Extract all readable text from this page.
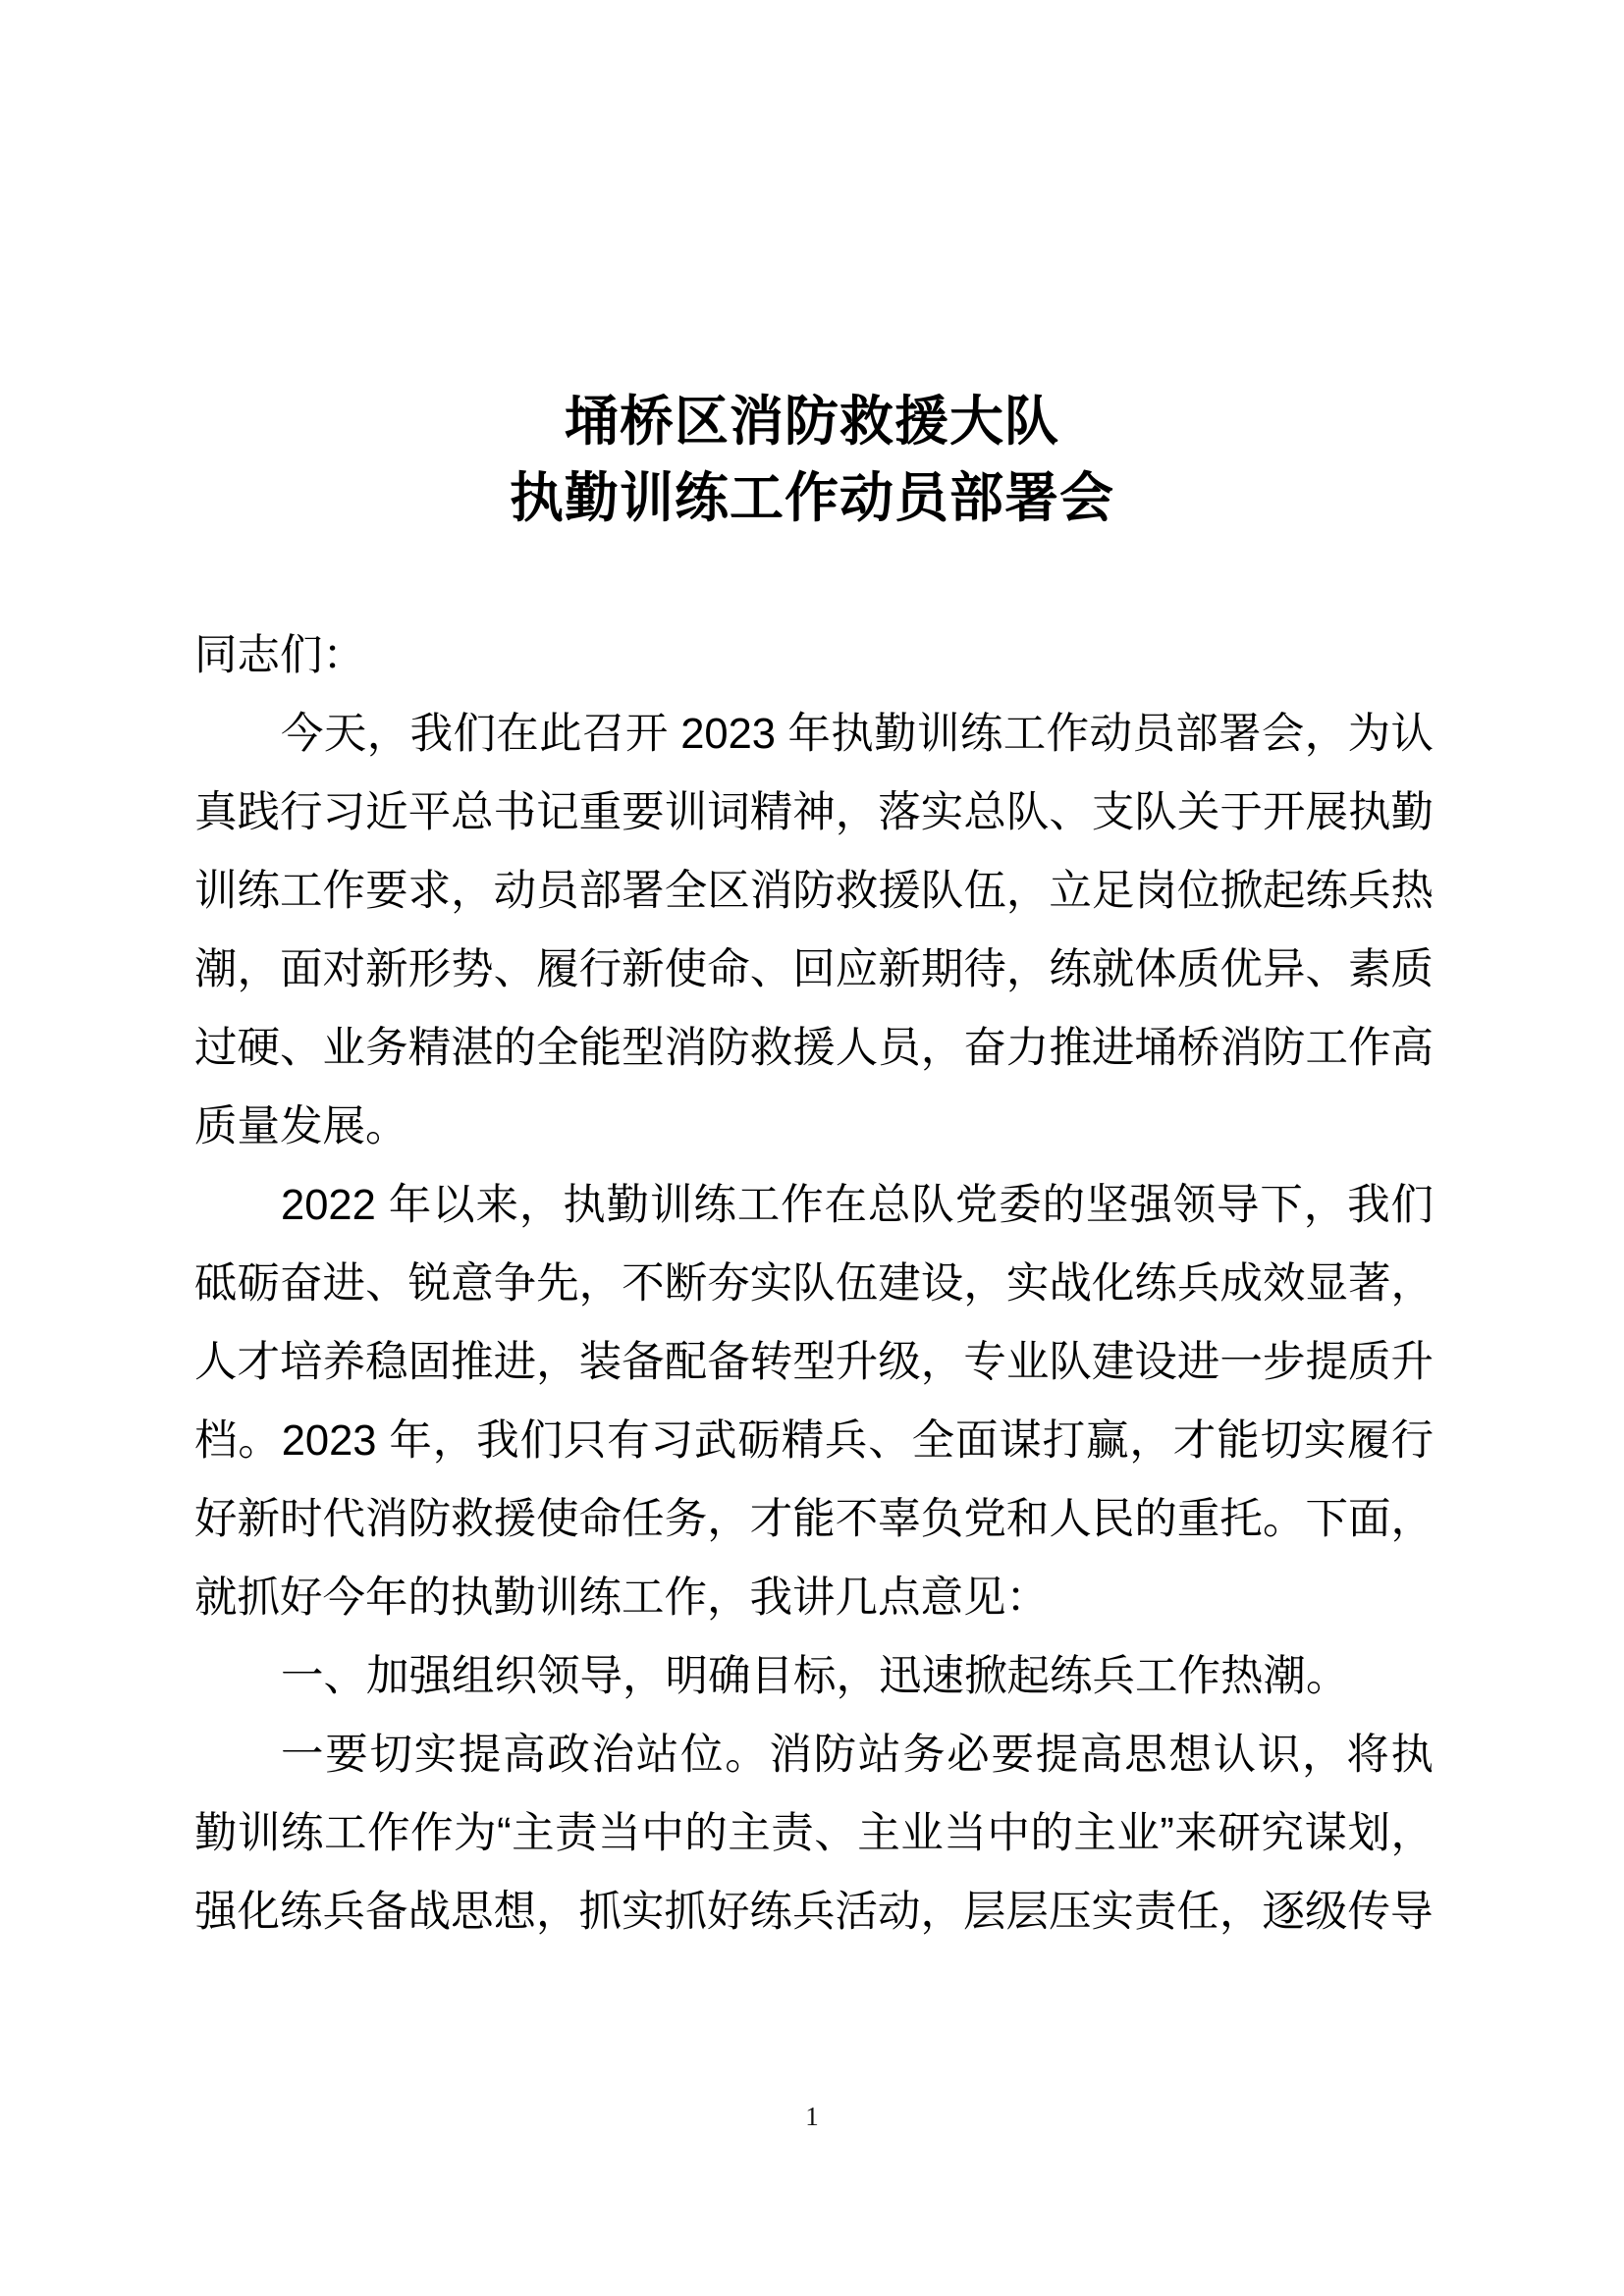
埇桥区消防救援大队
执勤训练工作动员部署会

同志们：

今天，我们在此召开 2023 年执勤训练工作动员部署会，为认真践行习近平总书记重要训词精神，落实总队、支队关于开展执勤训练工作要求，动员部署全区消防救援队伍，立足岗位掀起练兵热潮，面对新形势、履行新使命、回应新期待，练就体质优异、素质过硬、业务精湛的全能型消防救援人员，奋力推进埇桥消防工作高质量发展。

2022 年以来，执勤训练工作在总队党委的坚强领导下，我们砥砺奋进、锐意争先，不断夯实队伍建设，实战化练兵成效显著，人才培养稳固推进，装备配备转型升级，专业队建设进一步提质升档。2023 年，我们只有习武砺精兵、全面谋打赢，才能切实履行好新时代消防救援使命任务，才能不辜负党和人民的重托。下面，就抓好今年的执勤训练工作，我讲几点意见：

一、加强组织领导，明确目标，迅速掀起练兵工作热潮。

一要切实提高政治站位。消防站务必要提高思想认识，将执勤训练工作作为“主责当中的主责、主业当中的主业”来研究谋划，强化练兵备战思想，抓实抓好练兵活动，层层压实责任，逐级传导

1
